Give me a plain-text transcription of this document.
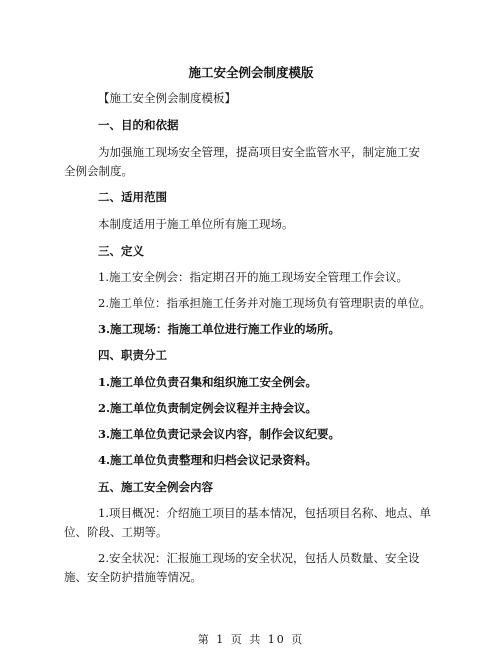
施工安全例会制度模版
【施工安全例会制度模板】
一、目的和依据
为加强施工现场安全管理，提高项目安全监管水平，制定施工安
全例会制度。
二、适用范围
本制度适用于施工单位所有施工现场。
三、定义
1.施工安全例会：指定期召开的施工现场安全管理工作会议。
2.施工单位：指承担施工任务并对施工现场负有管理职责的单位。
3.施工现场：指施工单位进行施工作业的场所。
四、职责分工
1.施工单位负责召集和组织施工安全例会。
2.施工单位负责制定例会议程并主持会议。
3.施工单位负责记录会议内容，制作会议纪要。
4.施工单位负责整理和归档会议记录资料。
五、施工安全例会内容
1.项目概况：介绍施工项目的基本情况，包括项目名称、地点、单
位、阶段、工期等。
2.安全状况：汇报施工现场的安全状况，包括人员数量、安全设
施、安全防护措施等情况。
第 1 页 共 10 页
